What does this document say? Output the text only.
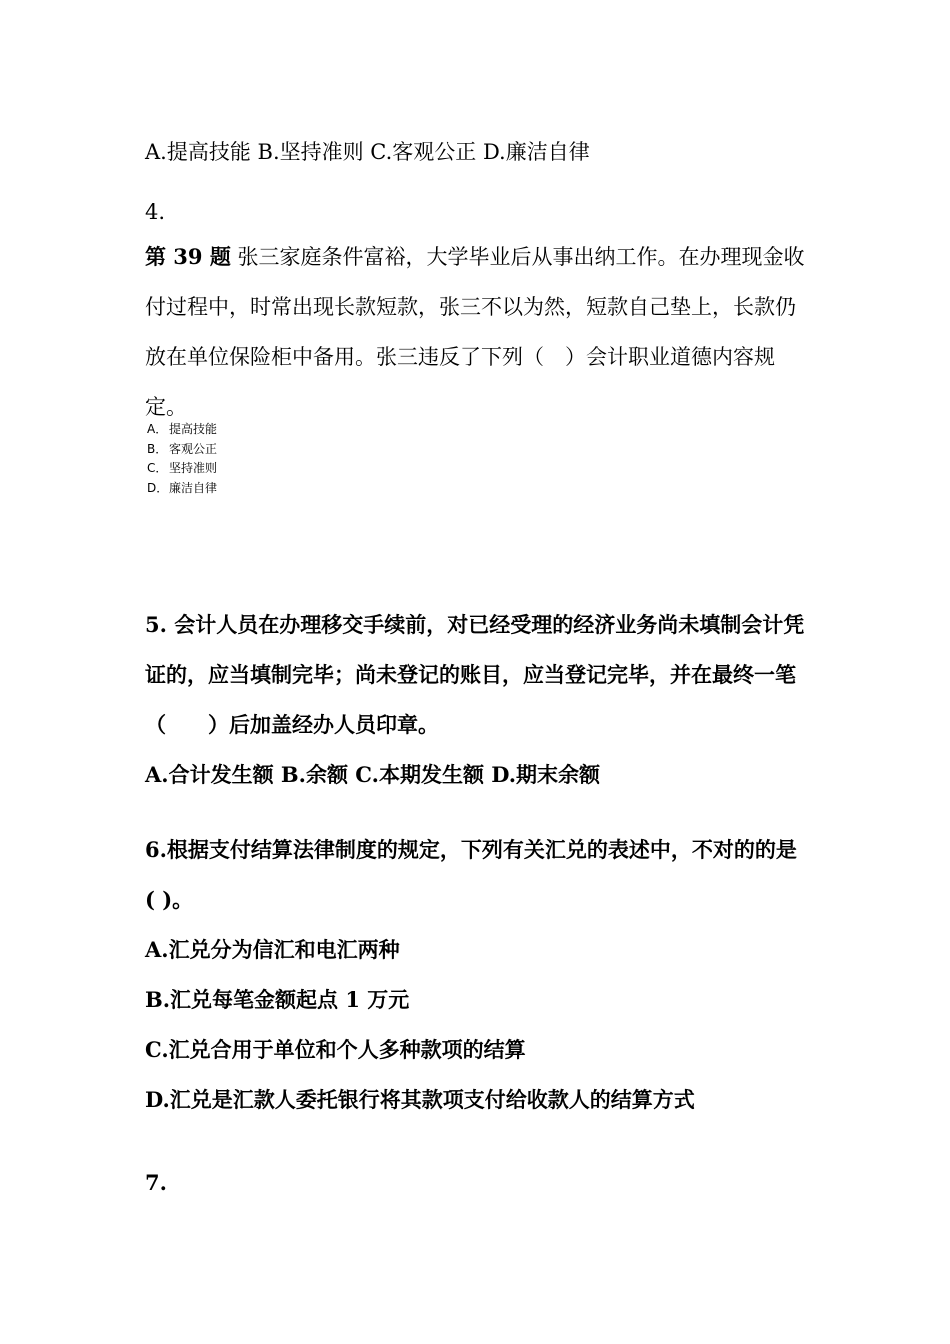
A.提高技能 B.坚持准则 C.客观公正 D.廉洁自律
4.
第 39 题 张三家庭条件富裕，大学毕业后从事出纳工作。在办理现金收付过程中，时常出现长款短款，张三不以为然，短款自己垫上，长款仍放在单位保险柜中备用。张三违反了下列（　）会计职业道德内容规定。
A． 提高技能
B． 客观公正
C． 坚持准则
D．廉洁自律
5. 会计人员在办理移交手续前，对已经受理的经济业务尚未填制会计凭证的，应当填制完毕；尚未登记的账目，应当登记完毕，并在最终一笔（　　）后加盖经办人员印章。
A.合计发生额 B.余额 C.本期发生额 D.期末余额
6.根据支付结算法律制度的规定，下列有关汇兑的表述中，不对的的是
( )。
A.汇兑分为信汇和电汇两种
B.汇兑每笔金额起点 1 万元
C.汇兑合用于单位和个人多种款项的结算
D.汇兑是汇款人委托银行将其款项支付给收款人的结算方式
7.
